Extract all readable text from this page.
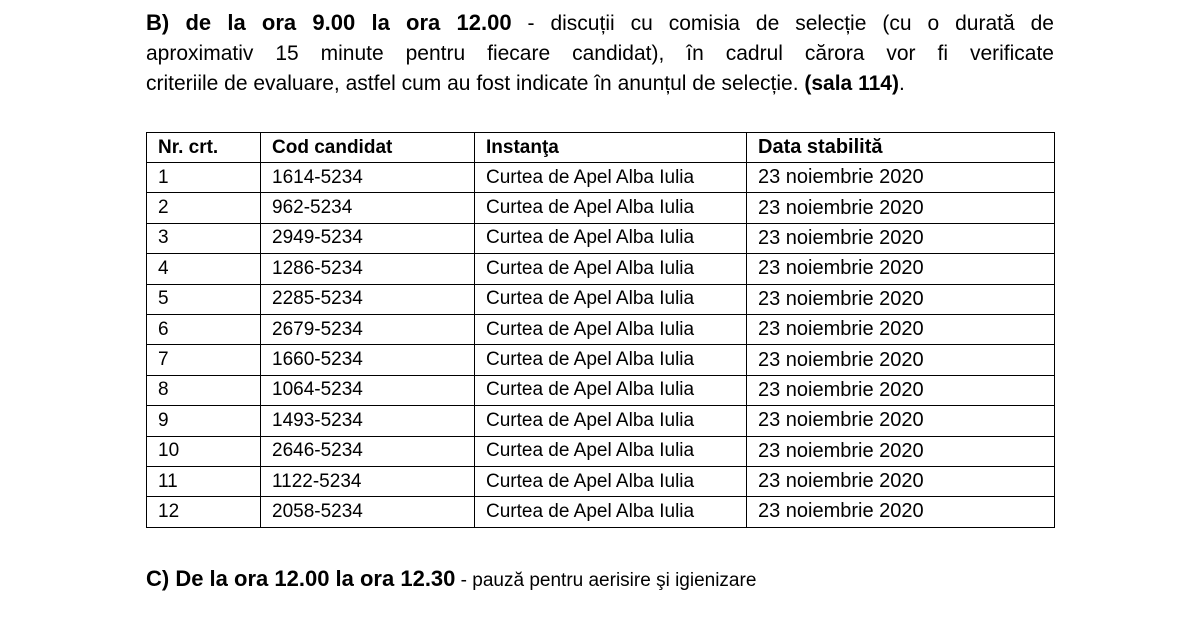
B) de la ora 9.00 la ora 12.00 - discuții cu comisia de selecție (cu o durată de
aproximativ 15 minute pentru fiecare candidat), în cadrul cărora vor fi verificate
criteriile de evaluare, astfel cum au fost indicate în anunțul de selecție. (sala 114).
Nr. crt.	Cod candidat	Instanţa	Data stabilită
1	1614-5234	Curtea de Apel Alba Iulia	23 noiembrie 2020
2	962-5234	Curtea de Apel Alba Iulia	23 noiembrie 2020
3	2949-5234	Curtea de Apel Alba Iulia	23 noiembrie 2020
4	1286-5234	Curtea de Apel Alba Iulia	23 noiembrie 2020
5	2285-5234	Curtea de Apel Alba Iulia	23 noiembrie 2020
6	2679-5234	Curtea de Apel Alba Iulia	23 noiembrie 2020
7	1660-5234	Curtea de Apel Alba Iulia	23 noiembrie 2020
8	1064-5234	Curtea de Apel Alba Iulia	23 noiembrie 2020
9	1493-5234	Curtea de Apel Alba Iulia	23 noiembrie 2020
10	2646-5234	Curtea de Apel Alba Iulia	23 noiembrie 2020
11	1122-5234	Curtea de Apel Alba Iulia	23 noiembrie 2020
12	2058-5234	Curtea de Apel Alba Iulia	23 noiembrie 2020
C) De la ora 12.00 la ora 12.30 - pauză pentru aerisire şi igienizare
